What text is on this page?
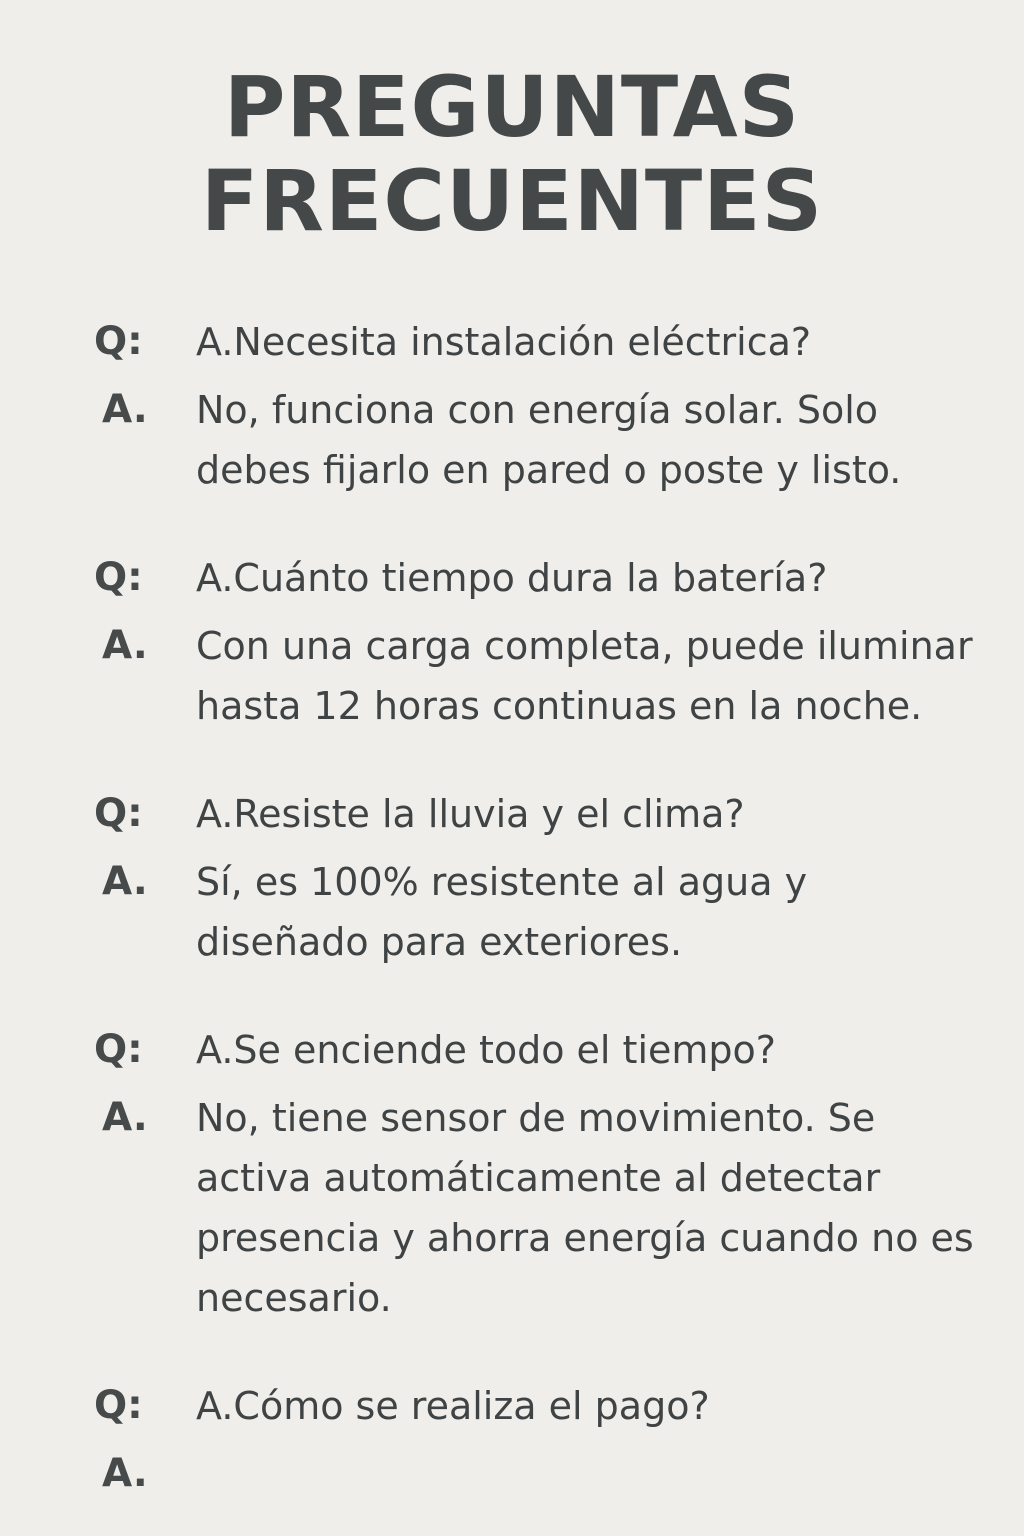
PREGUNTAS
FRECUENTES
Q:	A.Necesita instalación eléctrica?
A.	No, funciona con energía solar. Solo debes fijarlo en pared o poste y listo.
Q:	A.Cuánto tiempo dura la batería?
A.	Con una carga completa, puede iluminar hasta 12 horas continuas en la noche.
Q:	A.Resiste la lluvia y el clima?
A.	Sí, es 100% resistente al agua y diseñado para exteriores.
Q:	A.Se enciende todo el tiempo?
A.	No, tiene sensor de movimiento. Se activa automáticamente al detectar presencia y ahorra energía cuando no es necesario.
Q:	A.Cómo se realiza el pago?
A.
